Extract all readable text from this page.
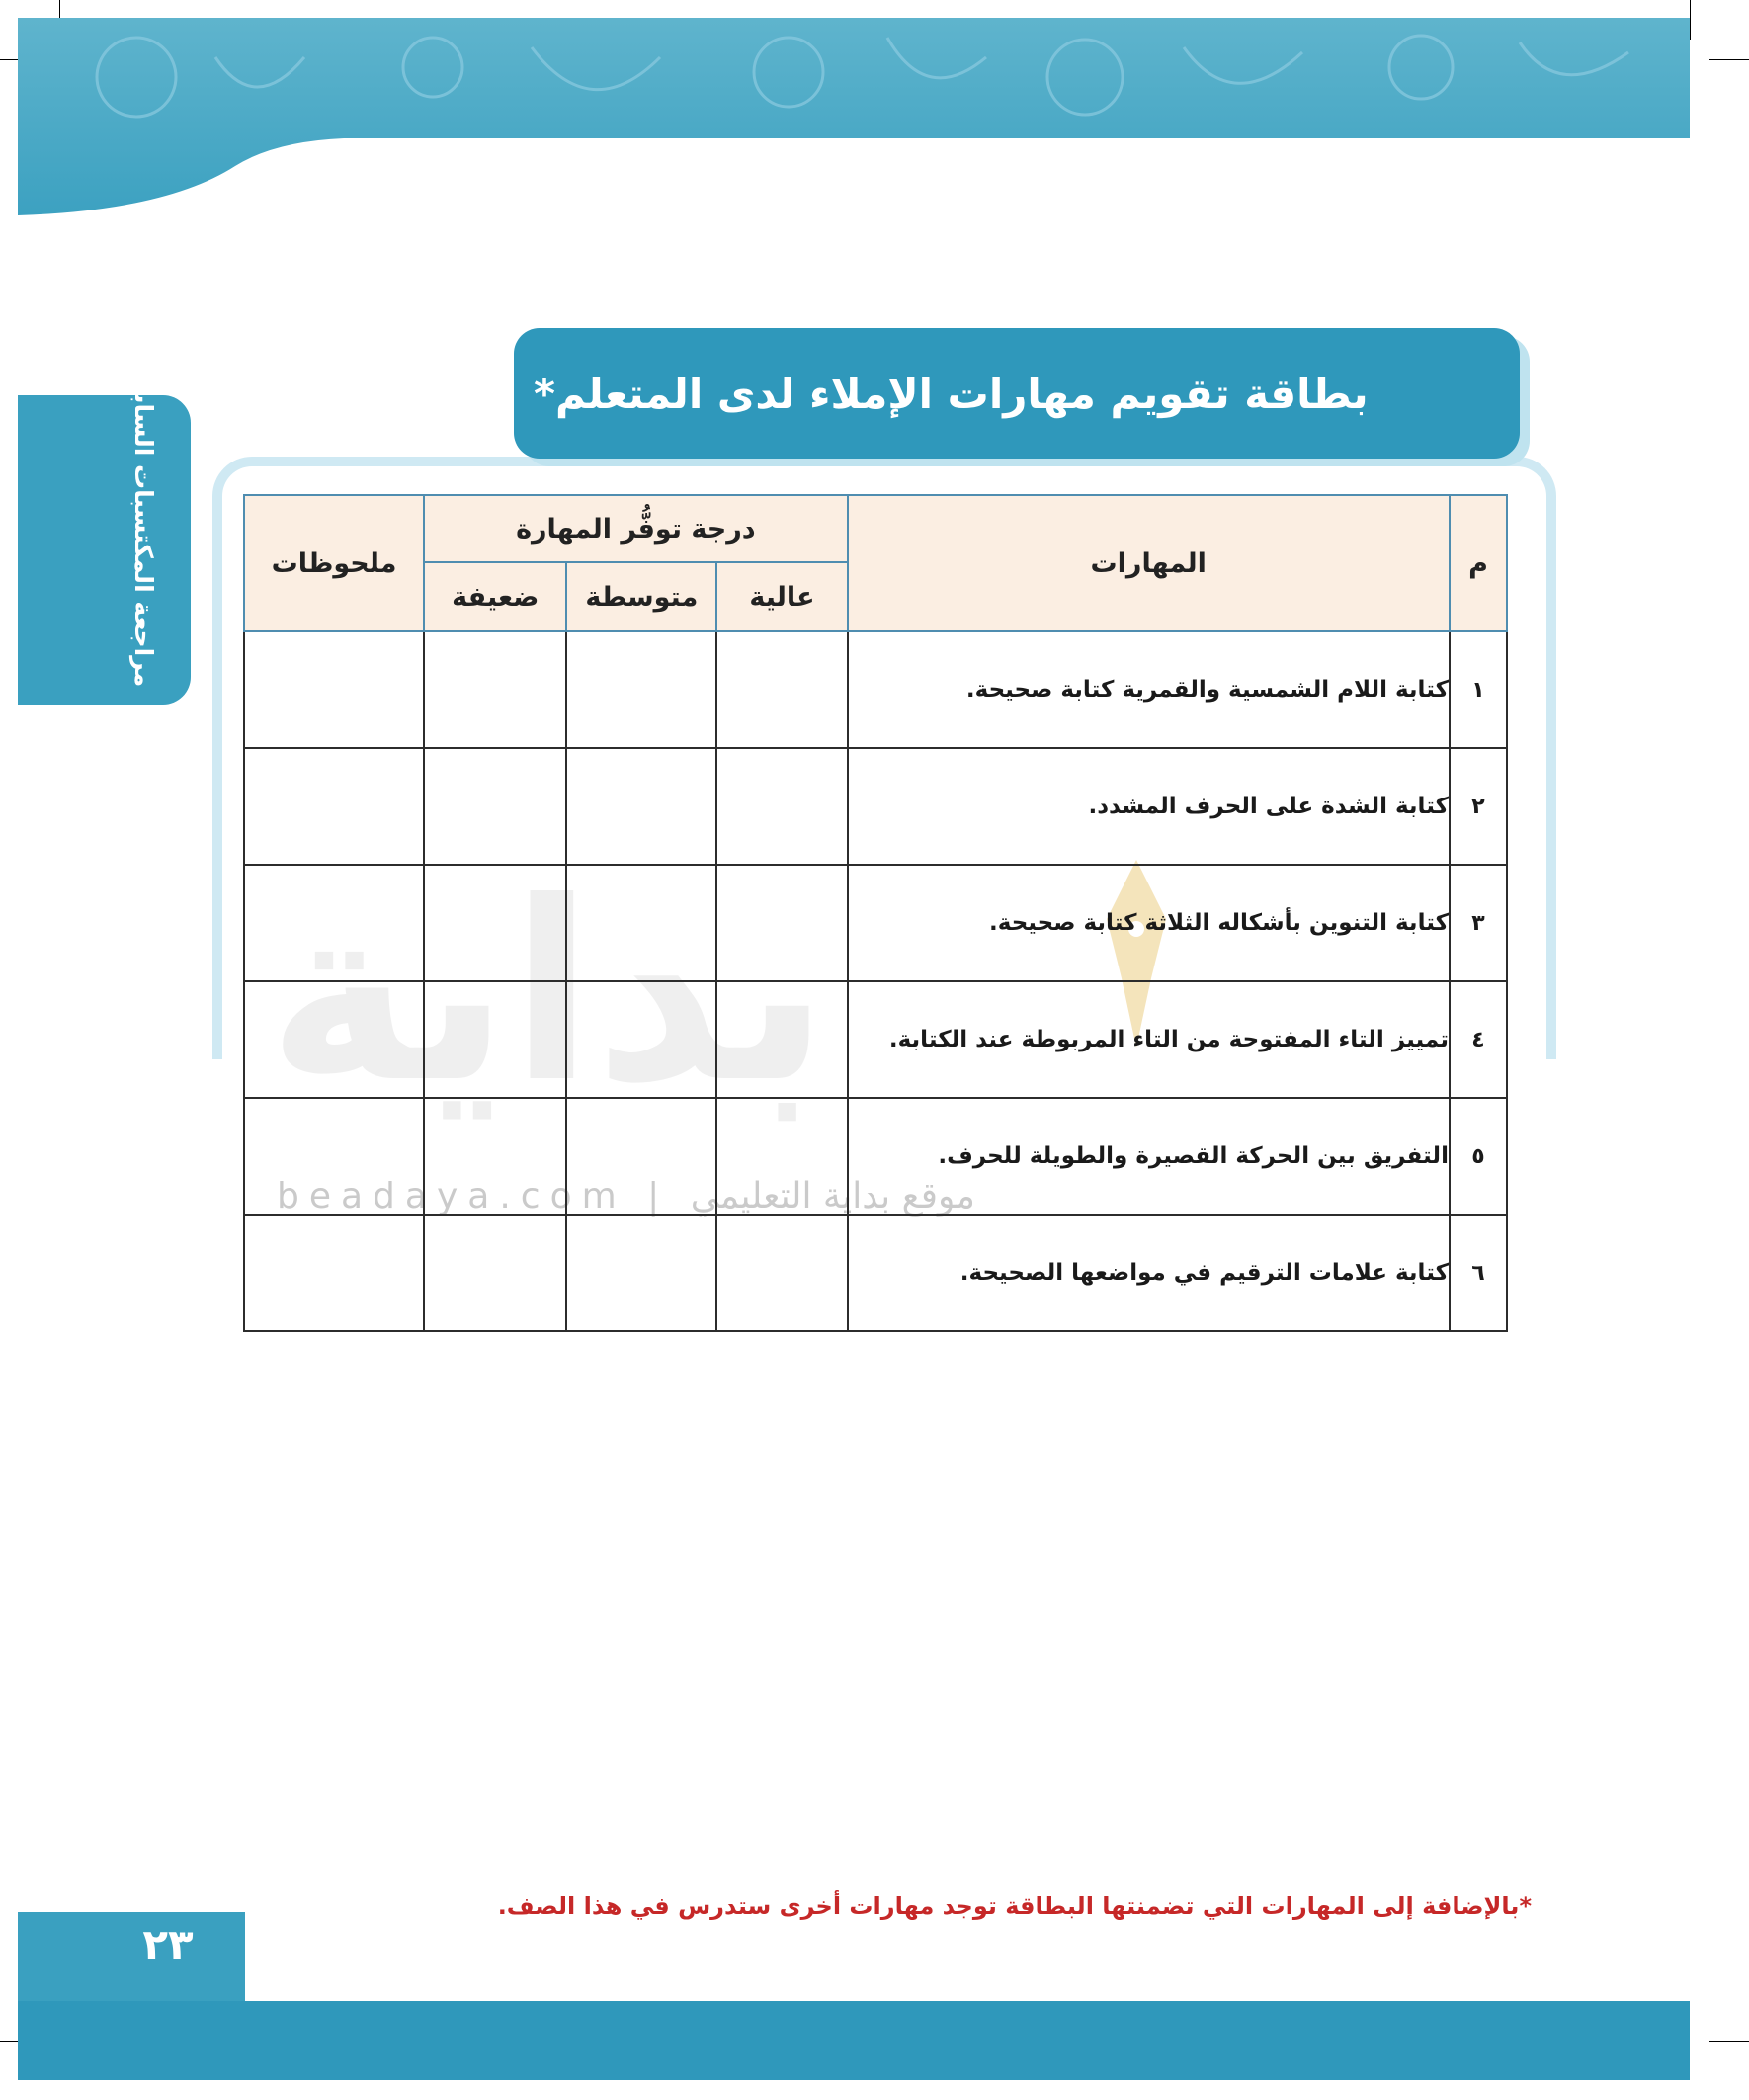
مراجعة المكتسبات السابقة	بطاقة تقويم مهارات الإملاء لدى المتعلم*
بداية
beadaya.com | موقع بداية التعليمي
م	المهارات	درجة توفُّر المهارة			ملحوظات
		عالية	متوسطة	ضعيفة	
١	كتابة اللام الشمسية والقمرية كتابة صحيحة.				
٢	كتابة الشدة على الحرف المشدد.				
٣	كتابة التنوين بأشكاله الثلاثة كتابة صحيحة.				
٤	تمييز التاء المفتوحة من التاء المربوطة عند الكتابة.				
٥	التفريق بين الحركة القصيرة والطويلة للحرف.				
٦	كتابة علامات الترقيم في مواضعها الصحيحة.				
*بالإضافة إلى المهارات التي تضمنتها البطاقة توجد مهارات أخرى ستدرس في هذا الصف.
٢٣
